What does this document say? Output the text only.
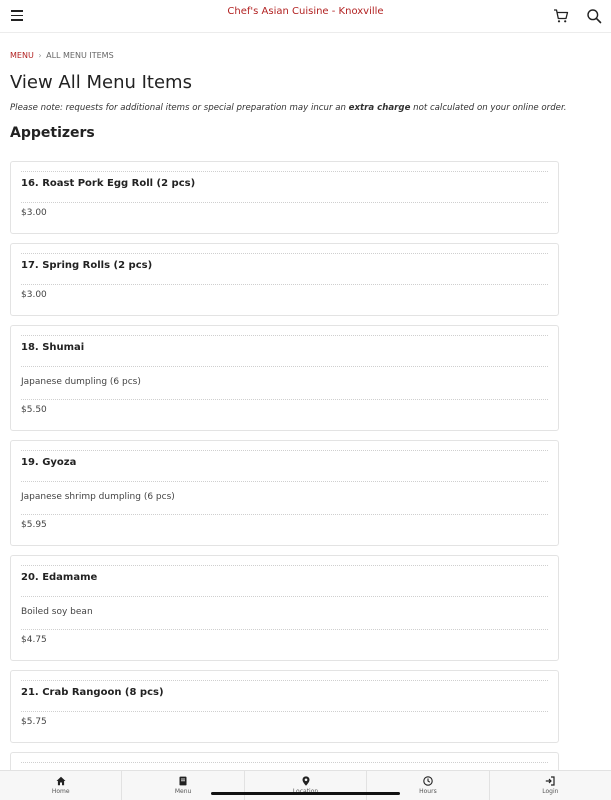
Chef's Asian Cuisine - Knoxville
MENU › ALL MENU ITEMS
View All Menu Items

Please note: requests for additional items or special preparation may incur an extra charge not calculated on your online order.

Appetizers
16. Roast Pork Egg Roll (2 pcs)
$3.00
17. Spring Rolls (2 pcs)
$3.00
18. Shumai
Japanese dumpling (6 pcs)
$5.50
19. Gyoza
Japanese shrimp dumpling (6 pcs)
$5.95
20. Edamame
Boiled soy bean
$4.75
21. Crab Rangoon (8 pcs)
$5.75
Home	Menu	Hours	Login
